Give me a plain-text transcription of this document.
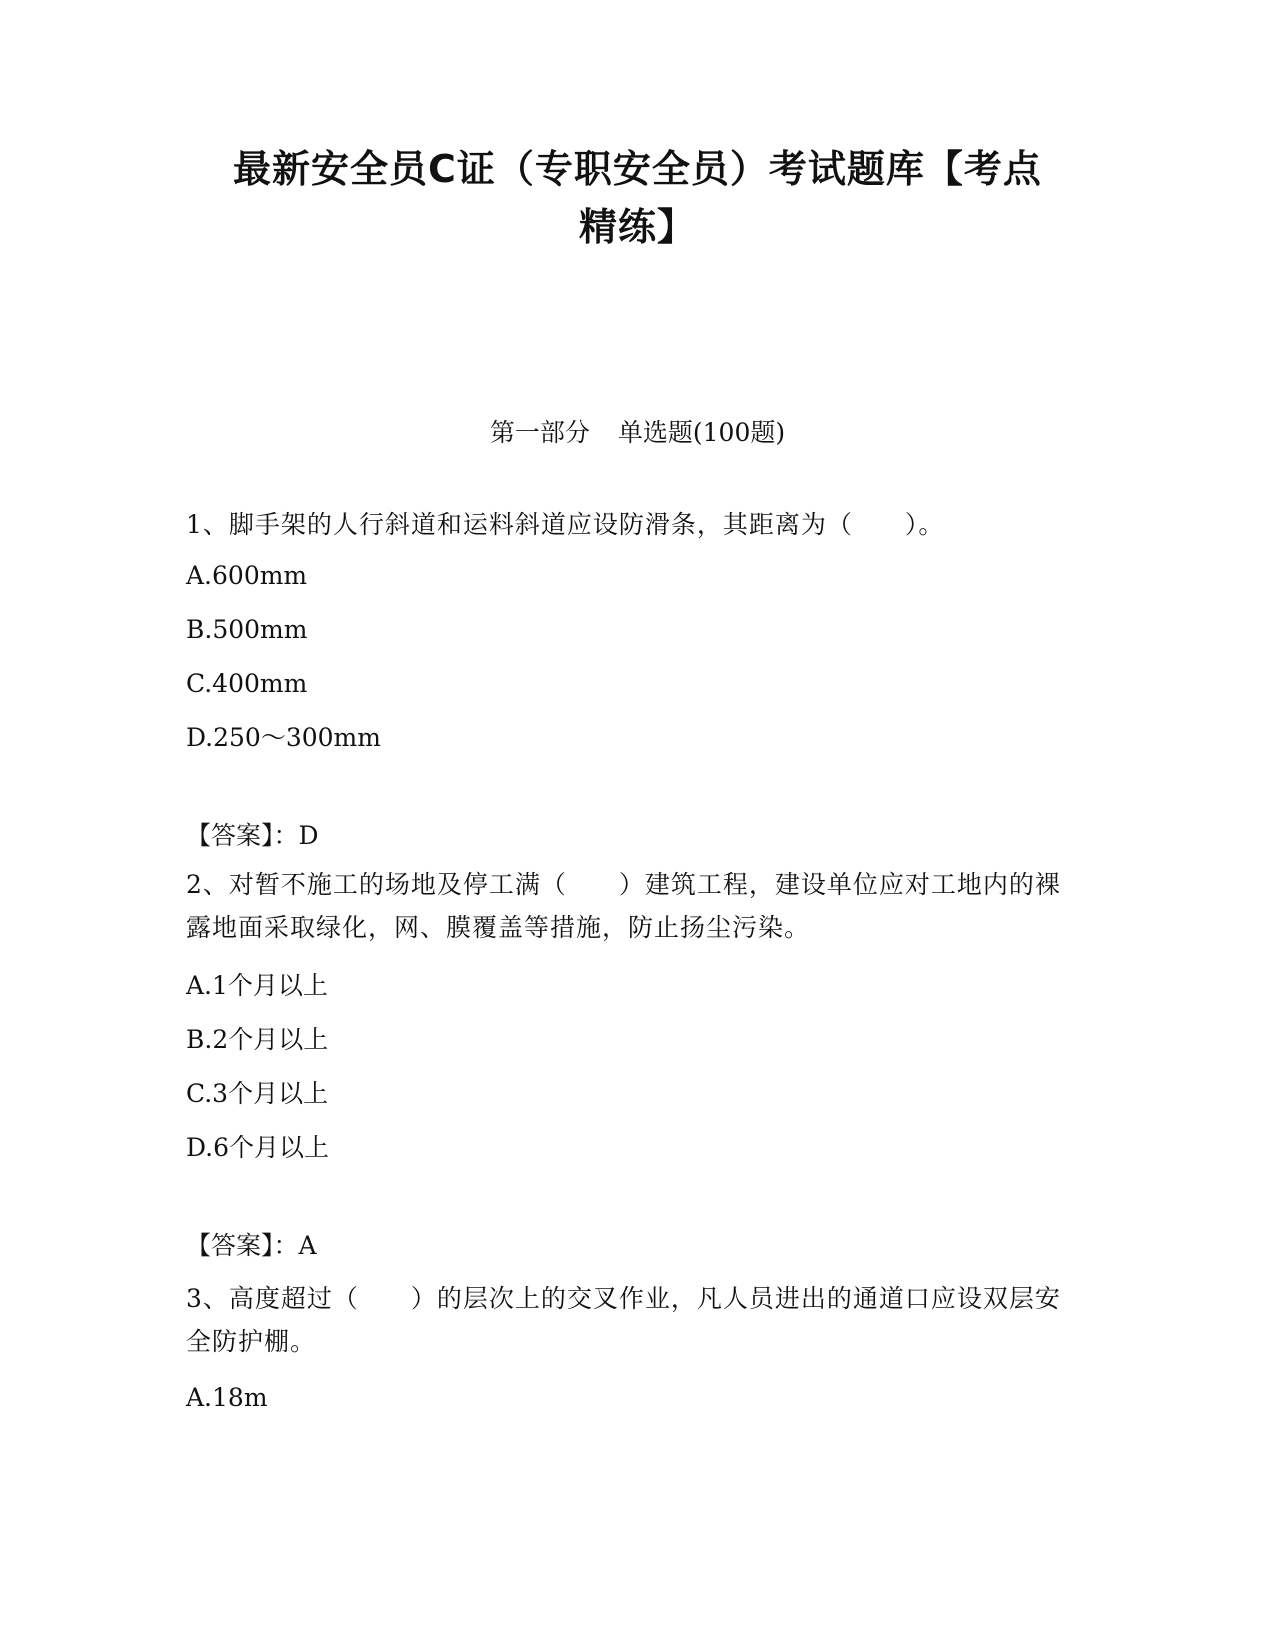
最新安全员C证（专职安全员）考试题库【考点
精练】
第一部分 单选题(100题)
1、脚手架的人行斜道和运料斜道应设防滑条，其距离为（　　）。
A.600mm
B.500mm
C.400mm
D.250～300mm
【答案】：D
2、对暂不施工的场地及停工满（　　）建筑工程，建设单位应对工地内的裸露地面采取绿化，网、膜覆盖等措施，防止扬尘污染。
A.1个月以上
B.2个月以上
C.3个月以上
D.6个月以上
【答案】：A
3、高度超过（　　）的层次上的交叉作业，凡人员进出的通道口应设双层安全防护棚。
A.18m
